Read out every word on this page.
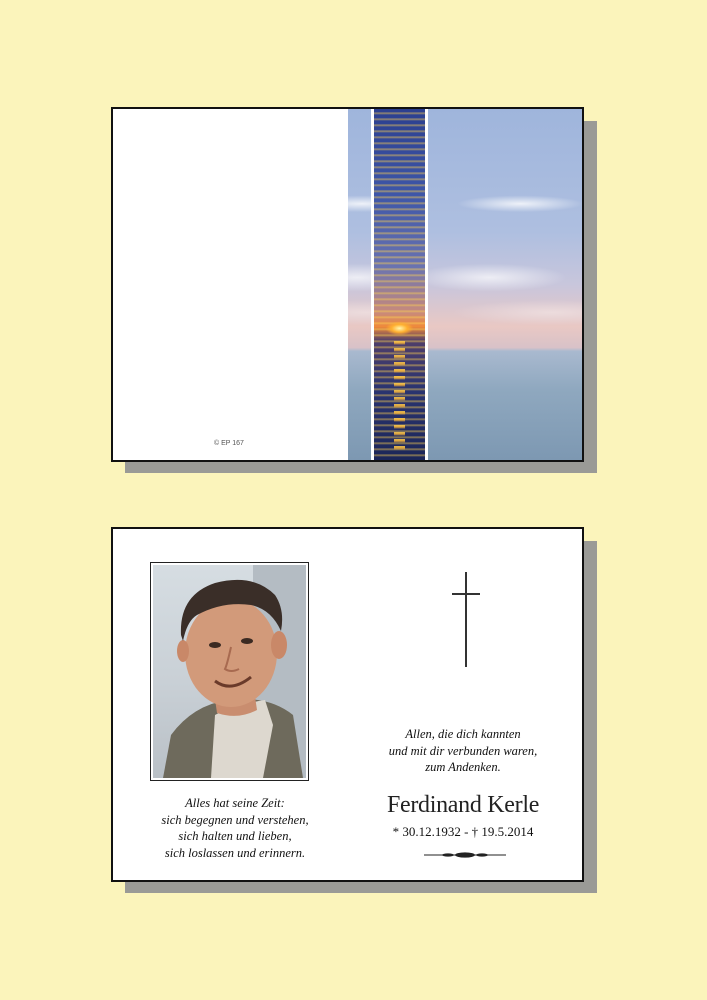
© EP 167
Allen, die dich kannten
und mit dir verbunden waren,
zum Andenken.
Ferdinand Kerle
* 30.12.1932 - † 19.5.2014
Alles hat seine Zeit:
sich begegnen und verstehen,
sich halten und lieben,
sich loslassen und erinnern.
